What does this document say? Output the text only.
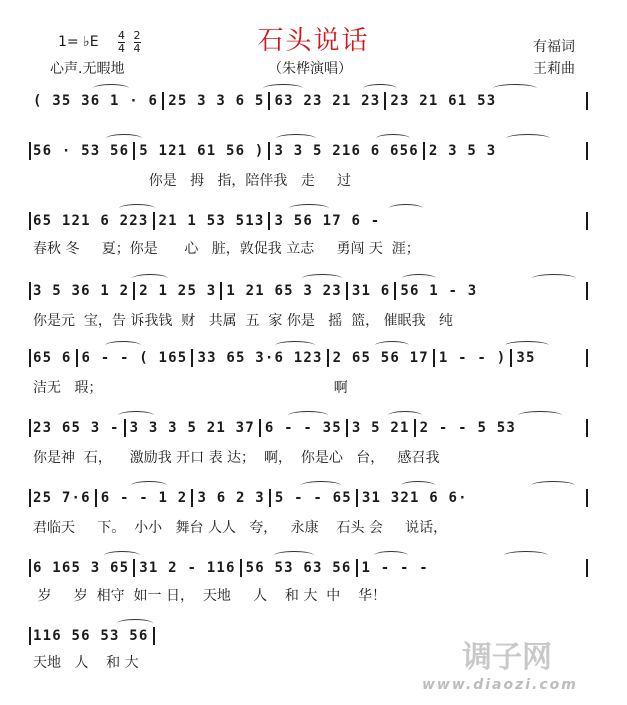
石头说话
1= ♭E $\frac{4}{4} \frac{2}{4}$
心声.无暇地	（朱桦演唱）
有福词
王莉曲
( 35 36 1 · 6 25 3 3 6 5 63 23 21 23 23 21 61 53
56 · 53 56 5 121 61 56 ) 3 3 5 216 6 656 2 3 5 3
你是   拇   指，陪伴我   走     过
65 121 6 223 21 1 53 513 3 56 17 6 -
春秋 冬     夏；你是      心   脏，敦促我 立志     勇闯 天  涯；
3 5 36 1 2 2 1 25 3 1 21 65 3 23 31 6 56 1 - 3
你是元  宝，告 诉我钱  财   共属  五  家 你是   摇  篮， 催眠我   纯
65 6 6 - - ( 165 33 65 3·6 123 2 65 56 17 1 - - ) 35
洁无   瑕；                                                    啊
23 65 3 - 3 3 3 5 21 37 6 - - 35 3 5 21 2 - - 5 53
你是神  石，    激励我 开口 表 达；  啊，  你是心   台，   感召我
25 7·6 6 - - 1 2 3 6 2 3 5 - - 65 31 321 6 6·
君临天     下。  小小   舞台 人人   夸，   永康    石头 会     说话，
6 165 3 65 31 2 - 116 56 53 63 56 1 - - -
岁     岁  相守  如一 日，  天地     人    和 大  中    华！
116 56 53 56
天地   人    和 大	调子网
www.diaozi.com
